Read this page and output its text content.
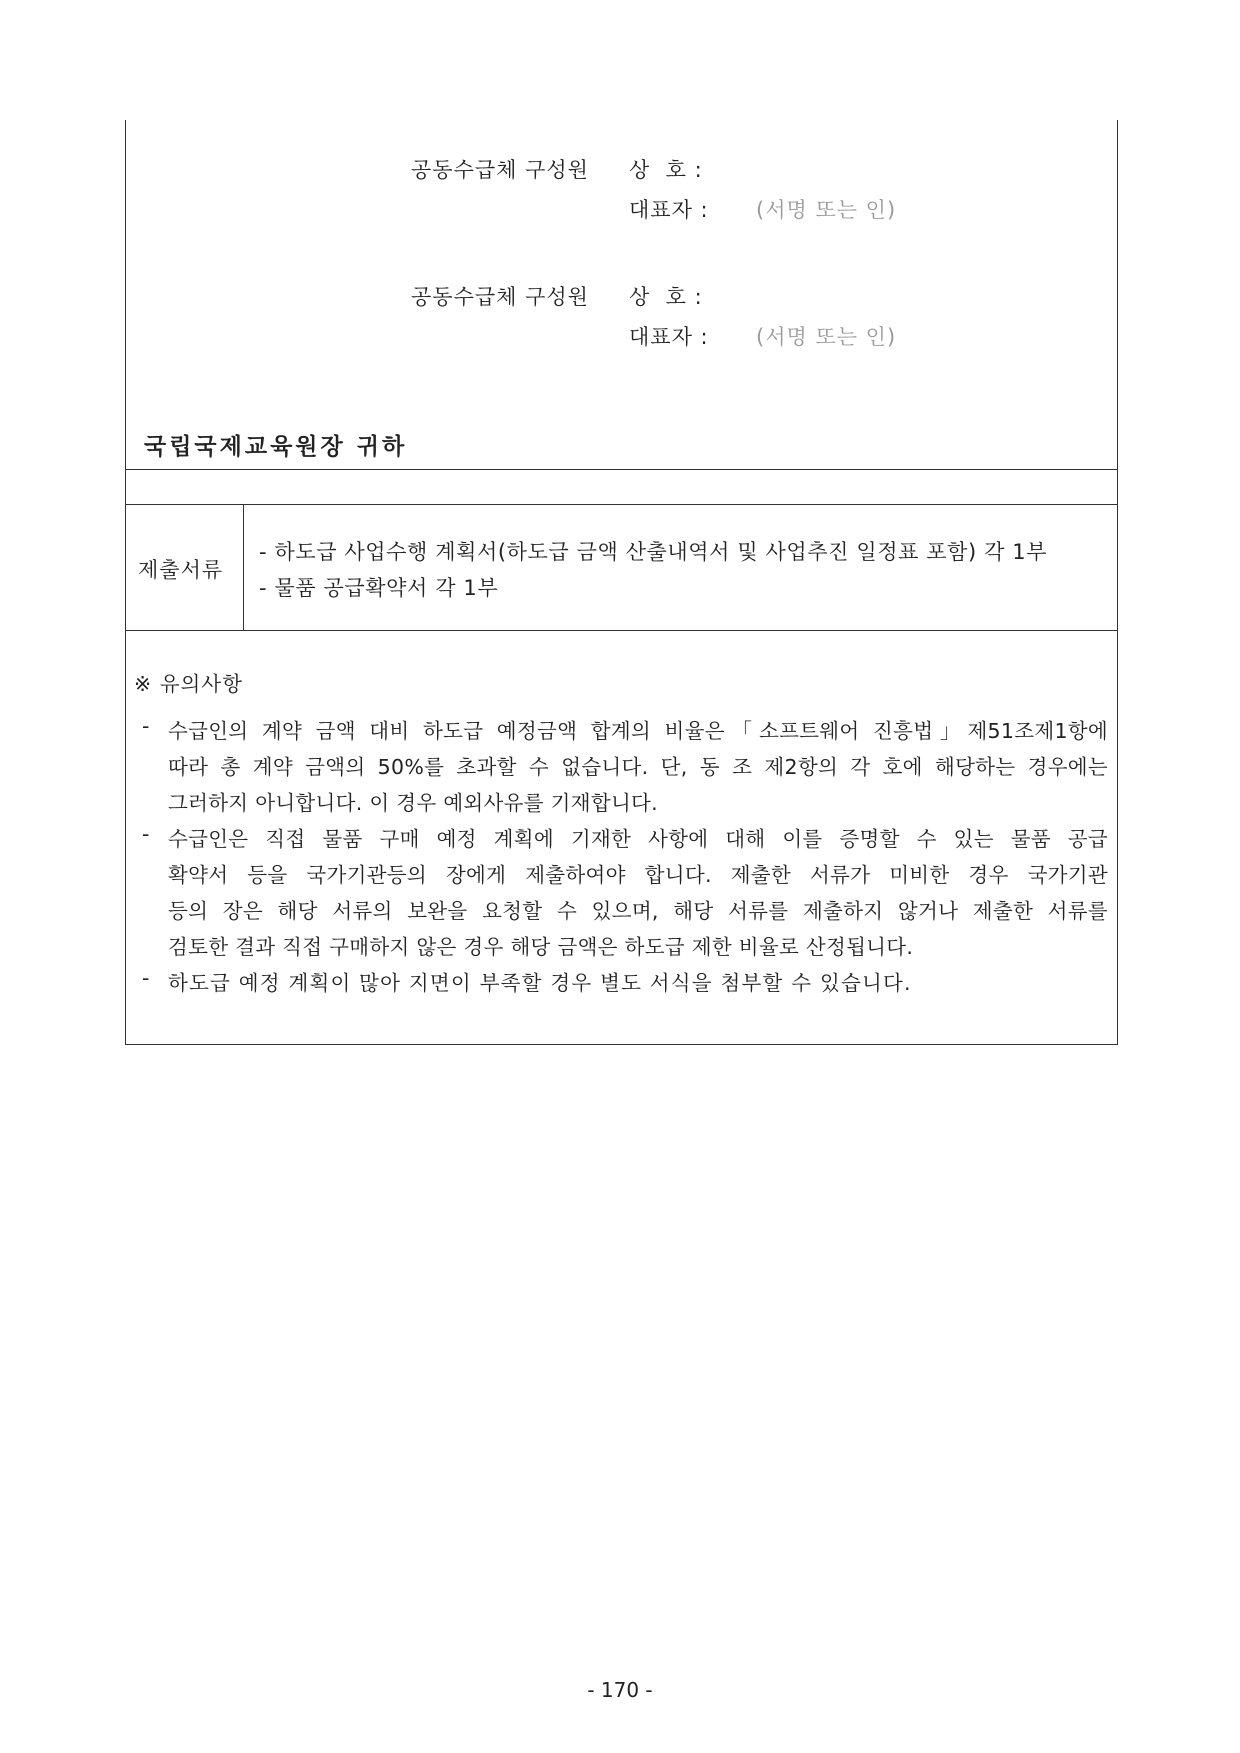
공동수급체 구성원 상  호 :
대표자 : (서명 또는 인)
공동수급체 구성원 상  호 :
대표자 : (서명 또는 인)
국립국제교육원장 귀하
제출서류
- 하도급 사업수행 계획서(하도급 금액 산출내역서 및 사업추진 일정표 포함) 각 1부
- 물품 공급확약서 각 1부
※ 유의사항
- 수급인의 계약 금액 대비 하도급 예정금액 합계의 비율은「소프트웨어 진흥법」제51조제1항에
따라 총 계약 금액의 50%를 초과할 수 없습니다. 단, 동 조 제2항의 각 호에 해당하는 경우에는
그러하지 아니합니다. 이 경우 예외사유를 기재합니다.
- 수급인은 직접 물품 구매 예정 계획에 기재한 사항에 대해 이를 증명할 수 있는 물품 공급
확약서 등을 국가기관등의 장에게 제출하여야 합니다. 제출한 서류가 미비한 경우 국가기관
등의 장은 해당 서류의 보완을 요청할 수 있으며, 해당 서류를 제출하지 않거나 제출한 서류를
검토한 결과 직접 구매하지 않은 경우 해당 금액은 하도급 제한 비율로 산정됩니다.
- 하도급 예정 계획이 많아 지면이 부족할 경우 별도 서식을 첨부할 수 있습니다.
- 170 -
